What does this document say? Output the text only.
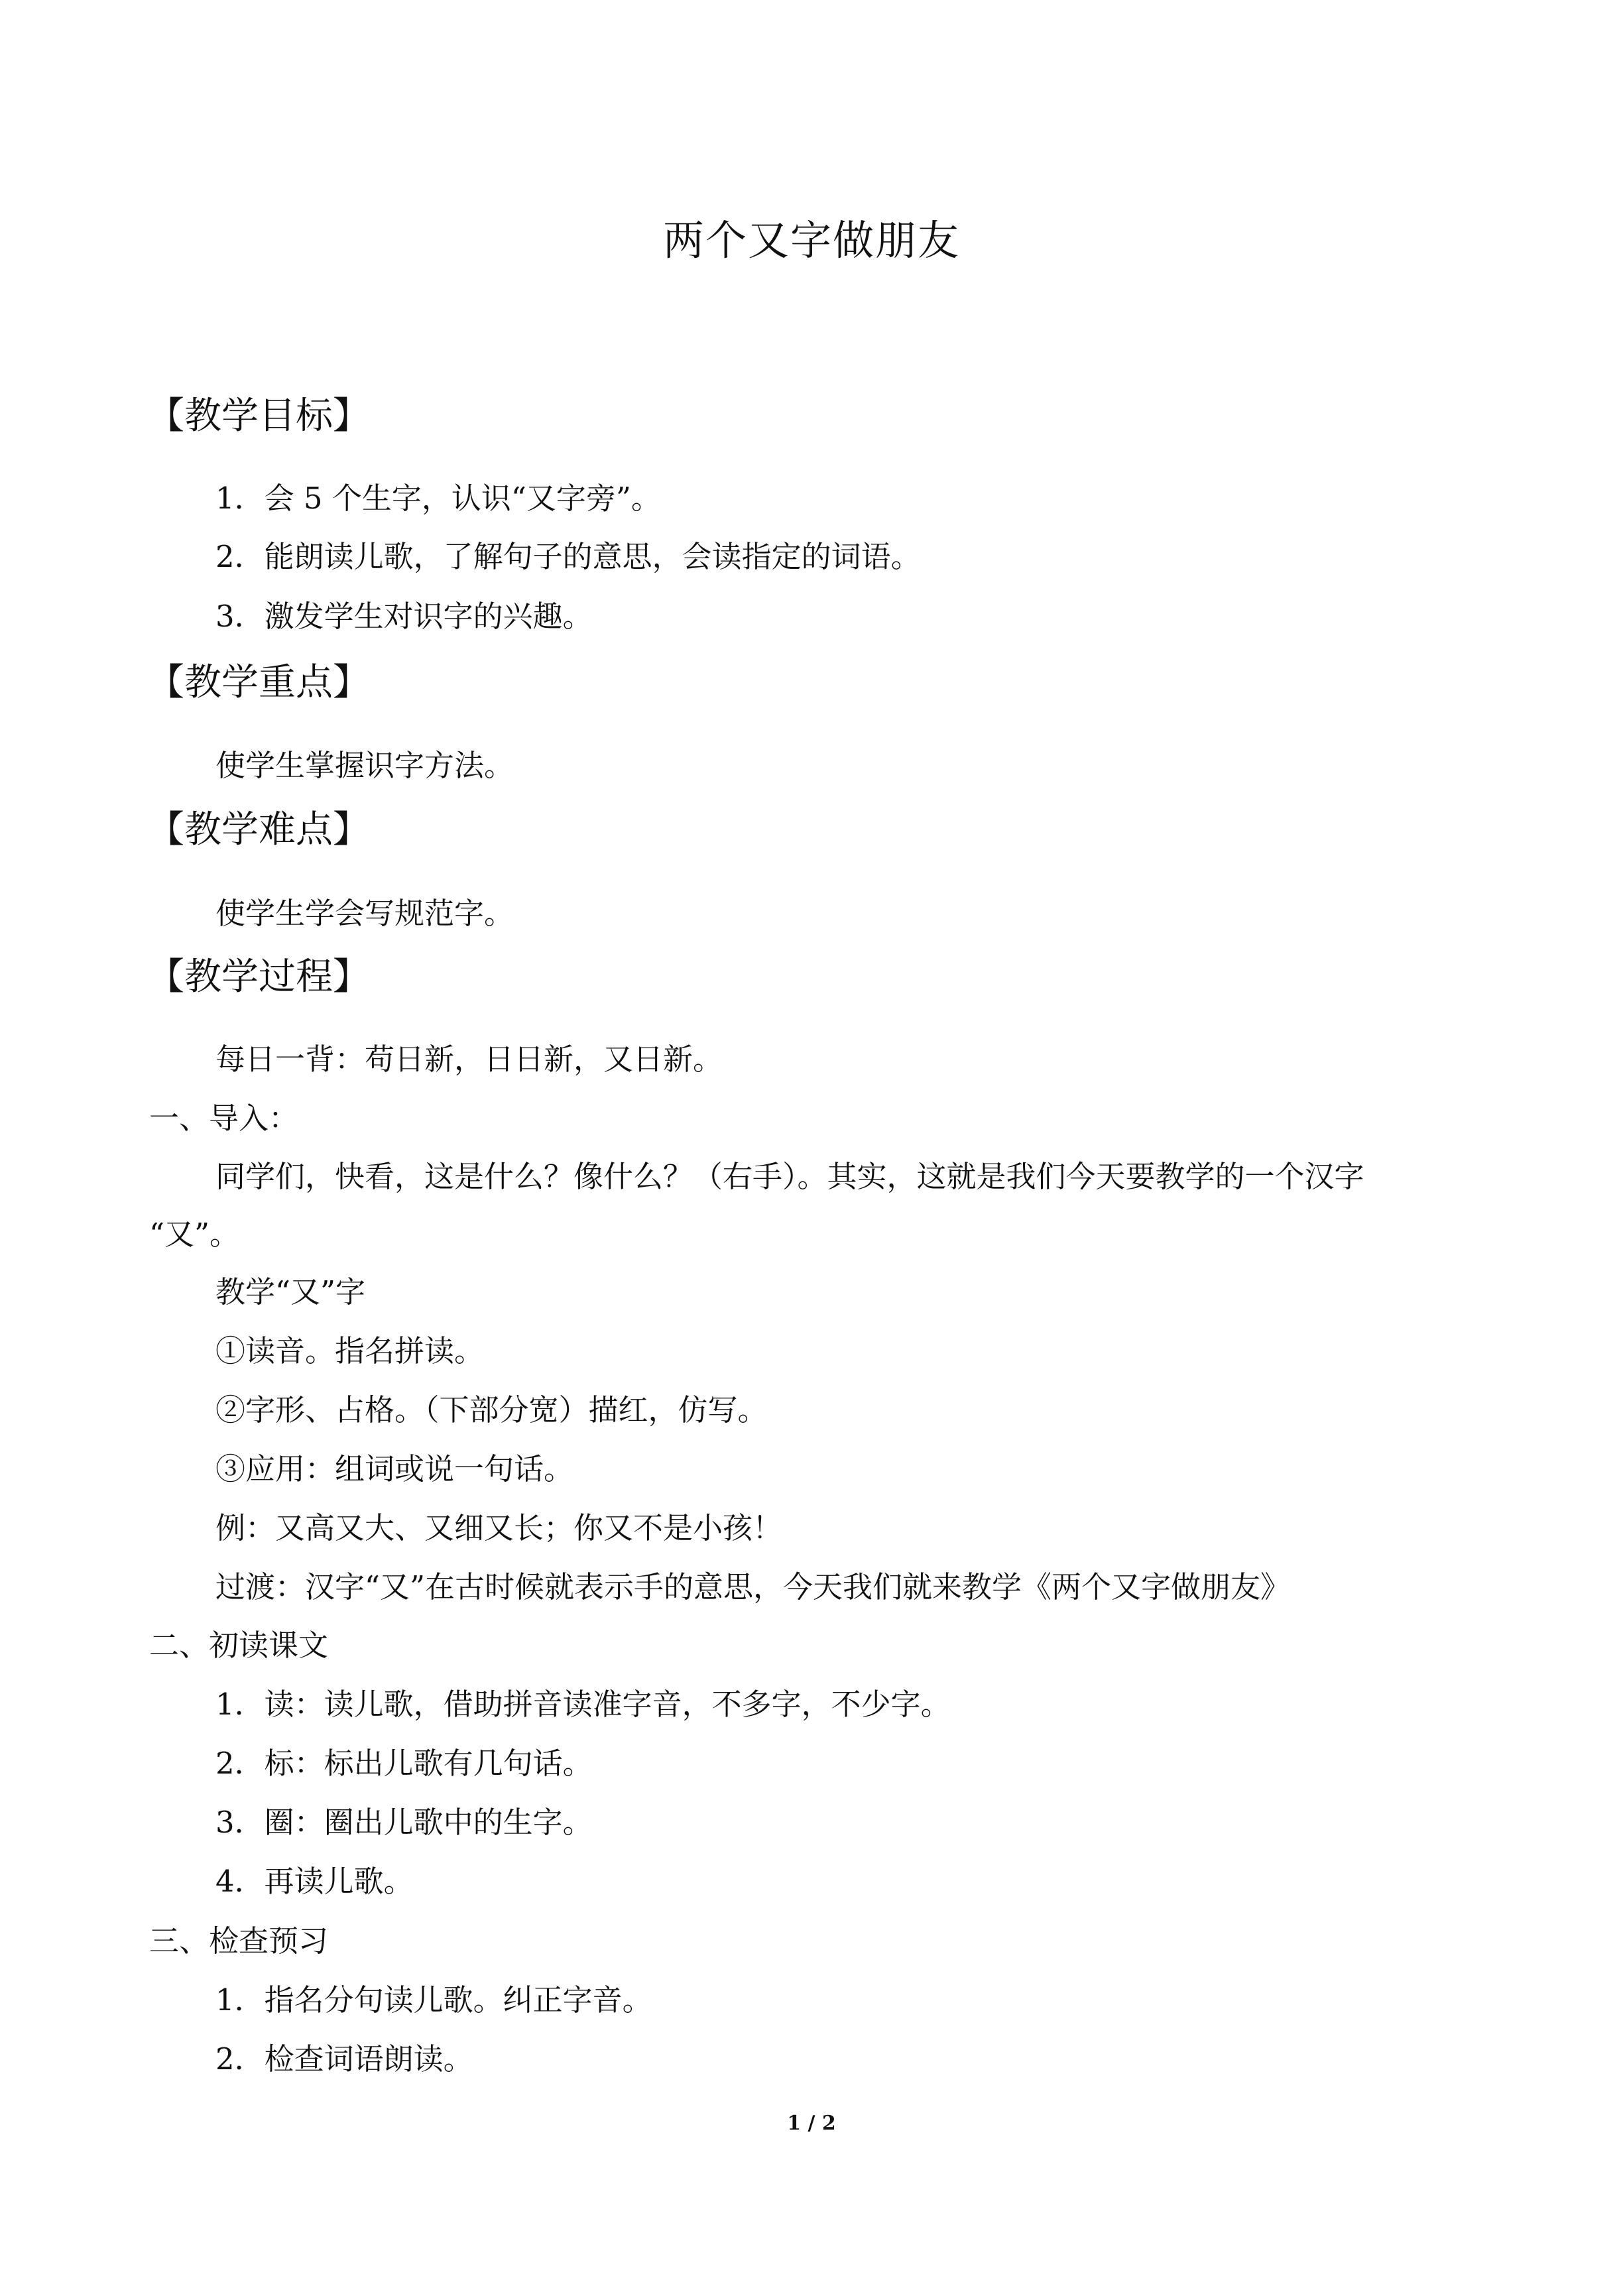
两个又字做朋友
【教学目标】
1．会 5 个生字，认识“又字旁”。
2．能朗读儿歌，了解句子的意思，会读指定的词语。
3．激发学生对识字的兴趣。
【教学重点】
使学生掌握识字方法。
【教学难点】
使学生学会写规范字。
【教学过程】
每日一背：苟日新，日日新，又日新。
一、导入：
同学们，快看，这是什么？像什么？（右手）。其实，这就是我们今天要教学的一个汉字
“又”。
教学“又”字
①读音。指名拼读。
②字形、占格。（下部分宽）描红，仿写。
③应用：组词或说一句话。
例：又高又大、又细又长；你又不是小孩！
过渡：汉字“又”在古时候就表示手的意思，今天我们就来教学《两个又字做朋友》
二、初读课文
1．读：读儿歌，借助拼音读准字音，不多字，不少字。
2．标：标出儿歌有几句话。
3．圈：圈出儿歌中的生字。
4．再读儿歌。
三、检查预习
1．指名分句读儿歌。纠正字音。
2．检查词语朗读。
1 / 2
